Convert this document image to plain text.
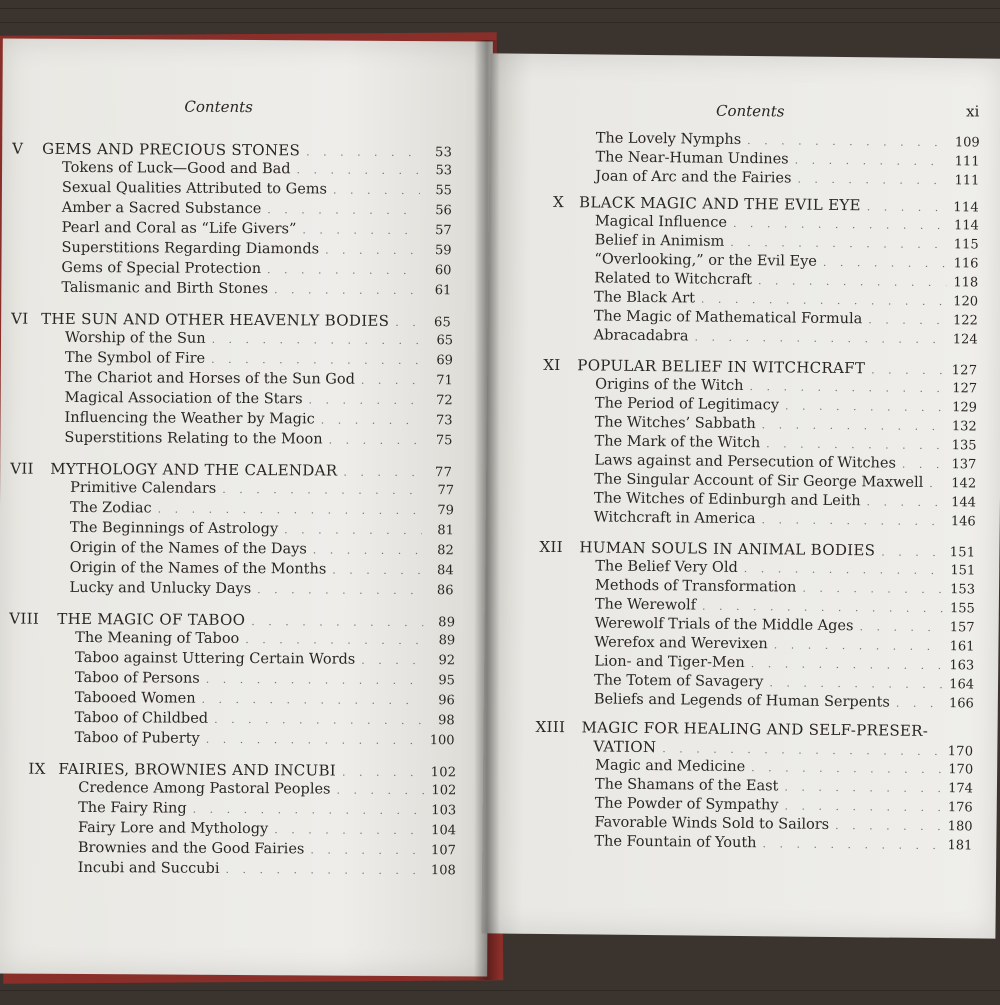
Contents
V	GEMS AND PRECIOUS STONES . . .	53
Tokens of Luck—Good and Bad . . .	53
Sexual Qualities Attributed to Gems . . .	55
Amber a Sacred Substance . . .	56
Pearl and Coral as “Life Givers” . . .	57
Superstitions Regarding Diamonds . . .	59
Gems of Special Protection . . .	60
Talismanic and Birth Stones . . .	61
VI THE SUN AND OTHER HEAVENLY BODIES . . .	65
Worship of the Sun . . .	65
The Symbol of Fire . . .	69
The Chariot and Horses of the Sun God . . .	71
Magical Association of the Stars . . .	72
Influencing the Weather by Magic . . .	73
Superstitions Relating to the Moon . . .	75
VII	MYTHOLOGY AND THE CALENDAR . . .	77
Primitive Calendars . . .	77
The Zodiac . . .	79
The Beginnings of Astrology . . .	81
Origin of the Names of the Days . . .	82
Origin of the Names of the Months . . .	84
Lucky and Unlucky Days . . .	86
VIII	THE MAGIC OF TABOO . . .	89
The Meaning of Taboo . . .	89
Taboo against Uttering Certain Words . . .	92
Taboo of Persons . . .	95
Tabooed Women . . .	96
Taboo of Childbed . . .	98
Taboo of Puberty . . .	100
IX FAIRIES, BROWNIES AND INCUBI . . .	102
Credence Among Pastoral Peoples . . .	102
The Fairy Ring . . .	103
Fairy Lore and Mythology . . .	104
Brownies and the Good Fairies . . .	107
Incubi and Succubi . . .	108
Contents	xi
The Lovely Nymphs . . .	109
The Near-Human Undines . . .	111
Joan of Arc and the Fairies . . .	111
X BLACK MAGIC AND THE EVIL EYE . . .	114
Magical Influence . . .	114
Belief in Animism . . .	115
“Overlooking,” or the Evil Eye . . .	116
Related to Witchcraft . . .	118
The Black Art . . .	120
The Magic of Mathematical Formula . . .	122
Abracadabra . . .	124
XI	POPULAR BELIEF IN WITCHCRAFT . . .	127
Origins of the Witch . . .	127
The Period of Legitimacy . . .	129
The Witches’ Sabbath . . .	132
The Mark of the Witch . . .	135
Laws against and Persecution of Witches . . .	137
The Singular Account of Sir George Maxwell . . . 142
The Witches of Edinburgh and Leith . . .	144
Witchcraft in America . . .	146
XII	HUMAN SOULS IN ANIMAL BODIES . . .	151
The Belief Very Old . . .	151
Methods of Transformation . . .	153
The Werewolf . . .	155
Werewolf Trials of the Middle Ages . . .	157
Werefox and Werevixen . . .	161
Lion- and Tiger-Men . . .	163
The Totem of Savagery . . .	164
Beliefs and Legends of Human Serpents . . .	166
XIII	MAGIC FOR HEALING AND SELF-PRESER-
VATION . . .	170
Magic and Medicine . . .	170
The Shamans of the East . . .	174
The Powder of Sympathy . . .	176
Favorable Winds Sold to Sailors . . .	180
The Fountain of Youth . . .	181
